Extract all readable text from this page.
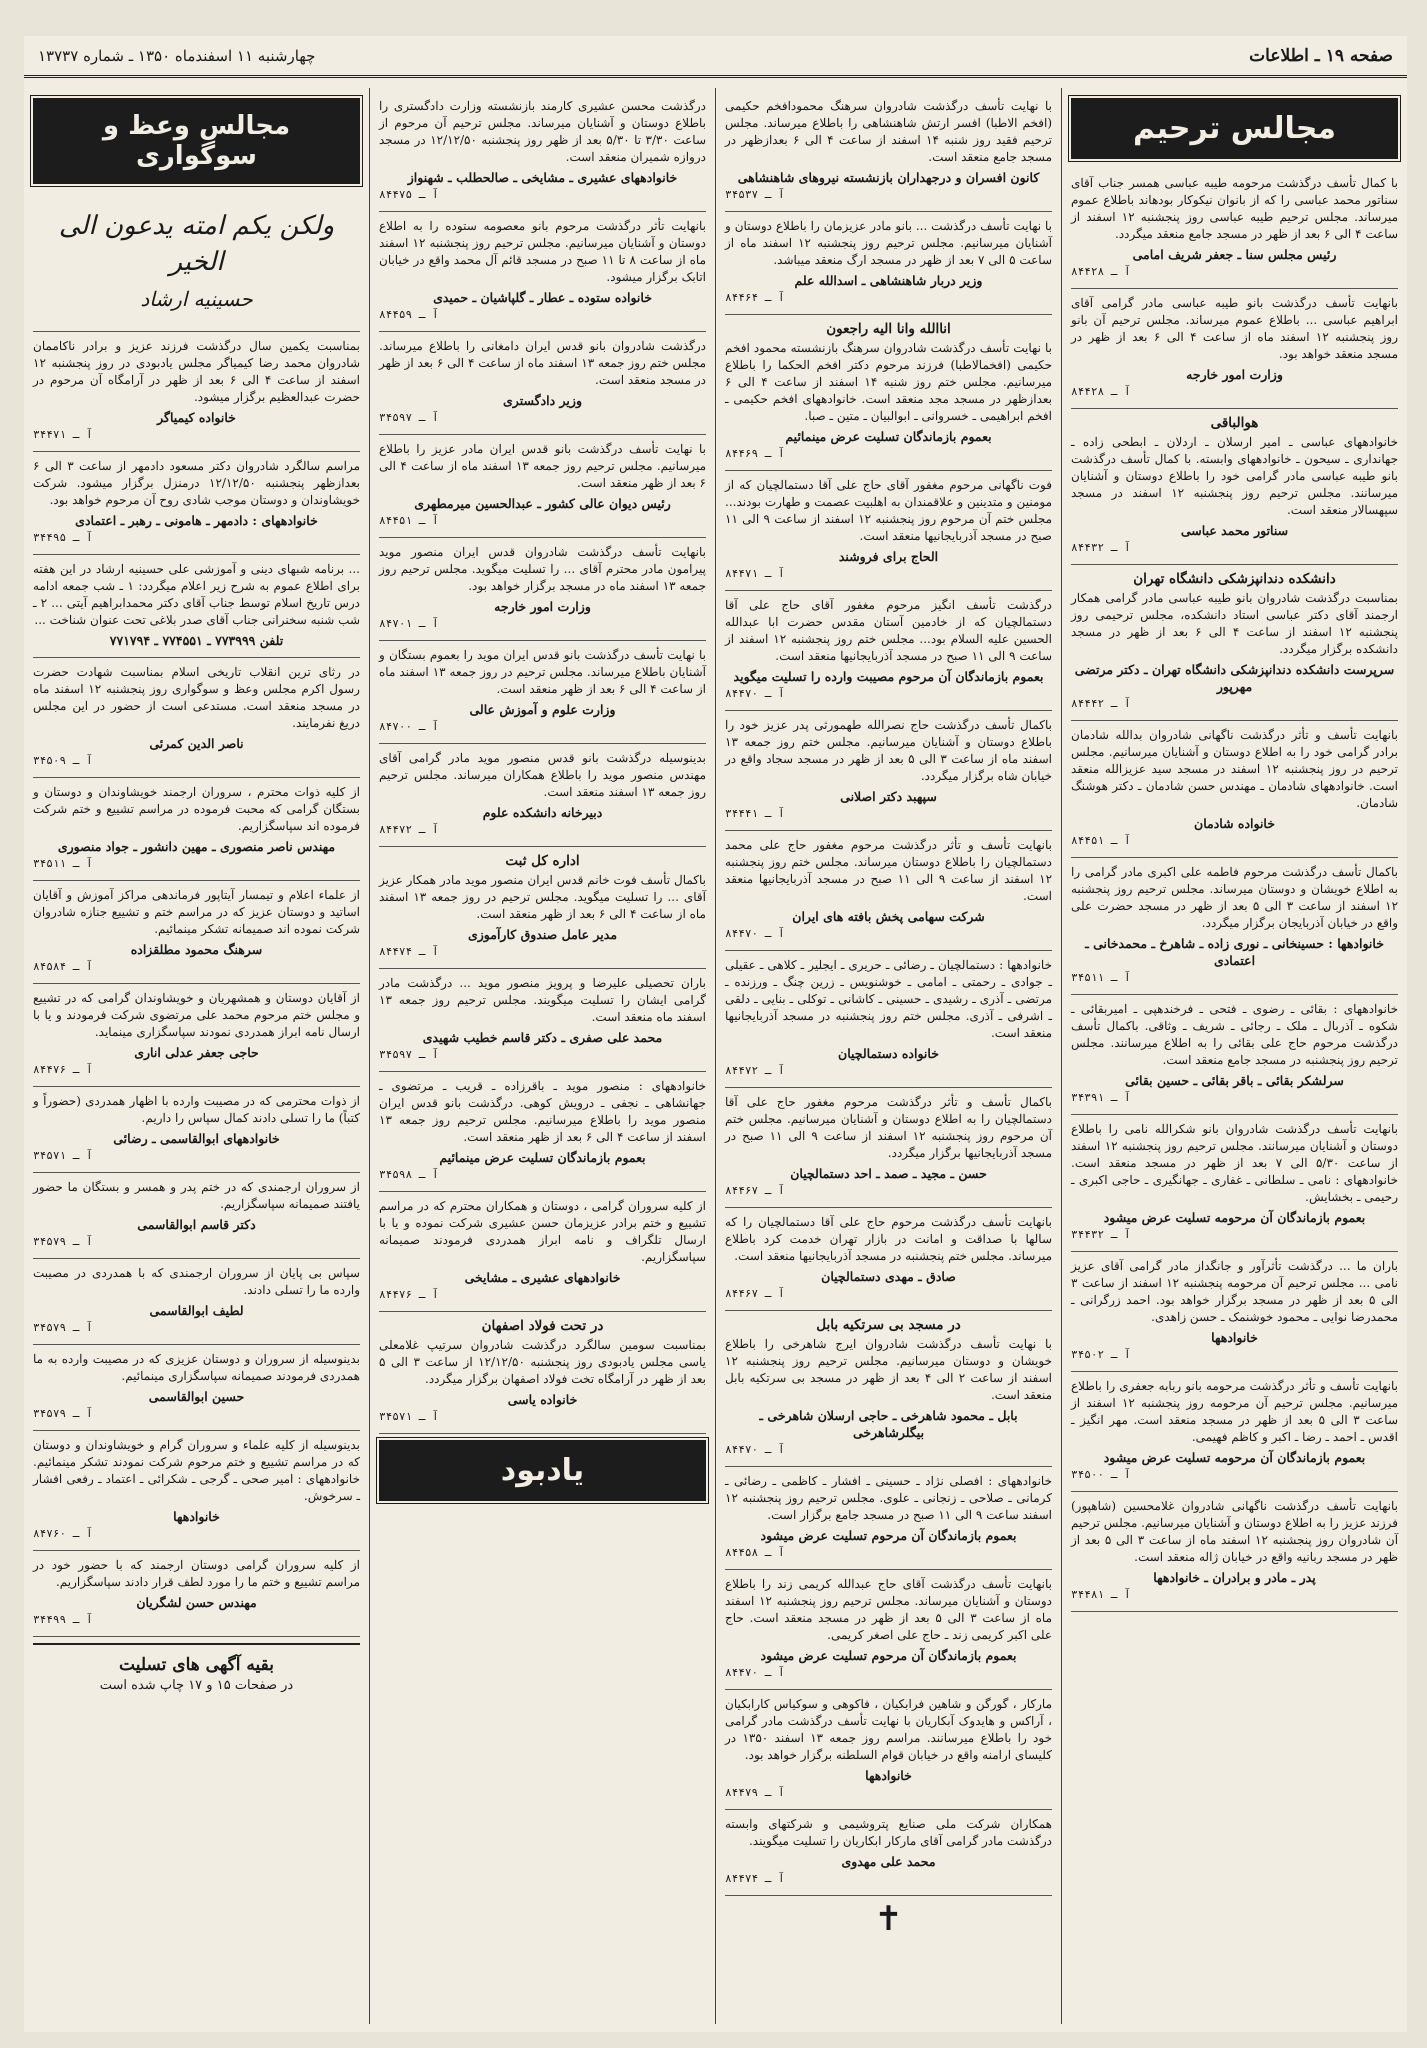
صفحه ۱۹ ـ اطلاعات
چهارشنبه ۱۱ اسفندماه ۱۳۵۰ ـ شماره ۱۳۷۳۷
مجالس ترحیم
با کمال تأسف درگذشت مرحومه طیبه عباسی همسر جناب آقای سناتور محمد عباسی را که از بانوان نیکوکار بودهاند باطلاع عموم میرساند. مجلس ترحیم طیبه عباسی روز پنجشنبه ۱۲ اسفند از ساعت ۴ الی ۶ بعد از ظهر در مسجد جامع منعقد میگردد.
رئیس مجلس سنا ـ جعفر شریف امامی
آ ـ ۸۴۴۲۸
بانهایت تأسف درگذشت بانو طیبه عباسی مادر گرامی آقای ابراهیم عباسی ... باطلاع عموم میرساند. مجلس ترحیم آن بانو روز پنجشنبه ۱۲ اسفند ماه از ساعت ۴ الی ۶ بعد از ظهر در مسجد منعقد خواهد بود.
وزارت امور خارجه
آ ـ ۸۴۴۲۸
هوالباقی
خانوادههای عباسی ـ امیر ارسلان ـ اردلان ـ ابطحی زاده ـ جهانداری ـ سیحون ـ خانوادههای وابسته. با کمال تأسف درگذشت بانو طیبه عباسی مادر گرامی خود را باطلاع دوستان و آشنایان میرسانند. مجلس ترحیم روز پنجشنبه ۱۲ اسفند در مسجد سپهسالار منعقد است.
سناتور محمد عباسی
آ ـ ۸۴۴۳۲
دانشکده دندانپزشکی دانشگاه تهران
بمناسبت درگذشت شادروان بانو طیبه عباسی مادر گرامی همکار ارجمند آقای دکتر عباسی استاد دانشکده، مجلس ترحیمی روز پنجشنبه ۱۲ اسفند از ساعت ۴ الی ۶ بعد از ظهر در مسجد دانشکده برگزار میگردد.
سرپرست دانشکده دندانپزشکی دانشگاه تهران ـ دکتر مرتضی مهرپور
آ ـ ۸۴۴۴۲
بانهایت تأسف و تأثر درگذشت ناگهانی شادروان بدالله شادمان برادر گرامی خود را به اطلاع دوستان و آشنایان میرسانیم. مجلس ترحیم در روز پنجشنبه ۱۲ اسفند در مسجد سید عزیزالله منعقد است. خانوادههای شادمان ـ مهندس حسن شادمان ـ دکتر هوشنگ شادمان.
خانواده شادمان
آ ـ ۸۴۴۵۱
باکمال تأسف درگذشت مرحوم فاطمه علی اکبری مادر گرامی را به اطلاع خویشان و دوستان میرساند. مجلس ترحیم روز پنجشنبه ۱۲ اسفند از ساعت ۳ الی ۵ بعد از ظهر در مسجد حضرت علی واقع در خیابان آذربایجان برگزار میگردد.
خانوادهها : حسینخانی ـ نوری زاده ـ شاهرخ ـ محمدخانی ـ اعتمادی
آ ـ ۳۴۵۱۱
خانوادههای : بقائی ـ رضوی ـ فتحی ـ فرخندهپی ـ امیربقائی ـ شکوه ـ آذربال ـ ملک ـ رجائی ـ شریف ـ وثاقی. باکمال تأسف درگذشت مرحوم حاج علی بقائی را به اطلاع میرسانند. مجلس ترحیم روز پنجشنبه در مسجد جامع منعقد است.
سرلشکر بقائی ـ باقر بقائی ـ حسین بقائی
آ ـ ۳۴۳۹۱
بانهایت تأسف درگذشت شادروان بانو شکرالله نامی را باطلاع دوستان و آشنایان میرسانند. مجلس ترحیم روز پنجشنبه ۱۲ اسفند از ساعت ۵/۳۰ الی ۷ بعد از ظهر در مسجد منعقد است. خانوادههای : نامی ـ سلطانی ـ غفاری ـ جهانگیری ـ حاجی اکبری ـ رحیمی ـ بخشایش.
بعموم بازماندگان آن مرحومه تسلیت عرض میشود
آ ـ ۳۴۴۳۲
باران ما ... درگذشت تأثرآور و جانگداز مادر گرامی آقای عزیز نامی ... مجلس ترحیم آن مرحومه پنجشنبه ۱۲ اسفند از ساعت ۳ الی ۵ بعد از ظهر در مسجد برگزار خواهد بود. احمد زرگرانی ـ محمدرضا نوایی ـ محمود خوشنمک ـ حسن زاهدی.
خانوادهها
آ ـ ۳۴۵۰۲
بانهایت تأسف و تأثر درگذشت مرحومه بانو ربابه جعفری را باطلاع میرسانیم. مجلس ترحیم آن مرحومه روز پنجشنبه ۱۲ اسفند از ساعت ۳ الی ۵ بعد از ظهر در مسجد منعقد است. مهر انگیز ـ اقدس ـ احمد ـ رضا ـ اکبر و کاظم فهیمی.
بعموم بازماندگان آن مرحومه تسلیت عرض میشود
آ ـ ۳۴۵۰۰
بانهایت تأسف درگذشت ناگهانی شادروان غلامحسین (شاهپور) فرزند عزیز را به اطلاع دوستان و آشنایان میرسانیم. مجلس ترحیم آن شادروان روز پنجشنبه ۱۲ اسفند ماه از ساعت ۳ الی ۵ بعد از ظهر در مسجد ربانیه واقع در خیابان ژاله منعقد است.
پدر ـ مادر و برادران ـ خانوادهها
آ ـ ۳۴۴۸۱
با نهایت تأسف درگذشت شادروان سرهنگ محمودافخم حکیمی (افخم الاطبا) افسر ارتش شاهنشاهی را باطلاع میرساند. مجلس ترحیم فقید روز شنبه ۱۴ اسفند از ساعت ۴ الی ۶ بعدازظهر در مسجد جامع منعقد است.
کانون افسران و درجهداران بازنشسته نیروهای شاهنشاهی
آ ـ ۳۴۵۳۷
با نهایت تأسف درگذشت ... بانو مادر عزیزمان را باطلاع دوستان و آشنایان میرسانیم. مجلس ترحیم روز پنجشنبه ۱۲ اسفند ماه از ساعت ۵ الی ۷ بعد از ظهر در مسجد ارگ منعقد میباشد.
وزیر دربار شاهنشاهی ـ اسدالله علم
آ ـ ۸۴۴۶۴
اناالله وانا الیه راجعون
با نهایت تأسف درگذشت شادروان سرهنگ بازنشسته محمود افخم حکیمی (افخمالاطبا) فرزند مرحوم دکتر افخم الحکما را باطلاع میرسانیم. مجلس ختم روز شنبه ۱۴ اسفند از ساعت ۴ الی ۶ بعدازظهر در مسجد مجد منعقد است. خانوادههای افخم حکیمی ـ افخم ابراهیمی ـ خسروانی ـ ابوالبیان ـ متین ـ صبا.
بعموم بازماندگان تسلیت عرض مینمائیم
آ ـ ۸۴۴۶۹
فوت ناگهانی مرحوم مغفور آقای حاج علی آقا دستمالچیان که از مومنین و متدینین و علاقمندان به اهلبیت عصمت و طهارت بودند... مجلس ختم آن مرحوم روز پنجشنبه ۱۲ اسفند از ساعت ۹ الی ۱۱ صبح در مسجد آذربایجانیها منعقد است.
الحاج برای فروشند
آ ـ ۸۴۴۷۱
درگذشت تأسف انگیز مرحوم مغفور آقای حاج علی آقا دستمالچیان که از خادمین آستان مقدس حضرت ابا عبدالله الحسین علیه السلام بود... مجلس ختم روز پنجشنبه ۱۲ اسفند از ساعت ۹ الی ۱۱ صبح در مسجد آذربایجانیها منعقد است.
بعموم بازماندگان آن مرحوم مصیبت وارده را تسلیت میگوید
آ ـ ۸۴۴۷۰
باکمال تأسف درگذشت حاج نصرالله طهمورثی پدر عزیز خود را باطلاع دوستان و آشنایان میرسانیم. مجلس ختم روز جمعه ۱۳ اسفند ماه از ساعت ۳ الی ۵ بعد از ظهر در مسجد سجاد واقع در خیابان شاه برگزار میگردد.
سپهبد دکتر اصلانی
آ ـ ۳۴۴۴۱
بانهایت تأسف و تأثر درگذشت مرحوم مغفور حاج علی محمد دستمالچیان را باطلاع دوستان میرساند. مجلس ختم روز پنجشنبه ۱۲ اسفند از ساعت ۹ الی ۱۱ صبح در مسجد آذربایجانیها منعقد است.
شرکت سهامی پخش بافته های ایران
آ ـ ۸۴۴۷۰
خانوادهها : دستمالچیان ـ رضائی ـ حریری ـ ایجلیر ـ کلاهی ـ عقیلی ـ جوادی ـ رحمتی ـ امامی ـ خوشنویس ـ زرین چنگ ـ ورزنده ـ مرتضی ـ آذری ـ رشیدی ـ حسینی ـ کاشانی ـ توکلی ـ بنایی ـ دلقی ـ اشرفی ـ آذری. مجلس ختم روز پنجشنبه در مسجد آذربایجانیها منعقد است.
خانواده دستمالچیان
آ ـ ۸۴۴۷۲
باکمال تأسف و تأثر درگذشت مرحوم مغفور حاج علی آقا دستمالچیان را به اطلاع دوستان و آشنایان میرسانیم. مجلس ختم آن مرحوم روز پنجشنبه ۱۲ اسفند از ساعت ۹ الی ۱۱ صبح در مسجد آذربایجانیها برگزار میگردد.
حسن ـ مجید ـ صمد ـ احد دستمالچیان
آ ـ ۸۴۴۶۷
بانهایت تأسف درگذشت مرحوم حاج علی آقا دستمالچیان را که سالها با صداقت و امانت در بازار تهران خدمت کرد باطلاع میرساند. مجلس ختم پنجشنبه در مسجد آذربایجانیها منعقد است.
صادق ـ مهدی دستمالچیان
آ ـ ۸۴۴۶۷
در مسجد بی سرتکیه بابل
با نهایت تأسف درگذشت شادروان ایرج شاهرخی را باطلاع خویشان و دوستان میرسانیم. مجلس ترحیم روز پنجشنبه ۱۲ اسفند از ساعت ۲ الی ۴ بعد از ظهر در مسجد بی سرتکیه بابل منعقد است.
بابل ـ محمود شاهرخی ـ حاجی ارسلان شاهرخی ـ بیگلرشاهرخی
آ ـ ۸۴۴۷۰
خانوادههای : افصلی نژاد ـ حسینی ـ افشار ـ کاظمی ـ رضائی ـ کرمانی ـ صلاحی ـ زنجانی ـ علوی. مجلس ترحیم روز پنجشنبه ۱۲ اسفند ساعت ۹ الی ۱۱ صبح در مسجد جامع برگزار است.
بعموم بازماندگان آن مرحوم تسلیت عرض میشود
آ ـ ۸۴۴۵۸
بانهایت تأسف درگذشت آقای حاج عبدالله کریمی زند را باطلاع دوستان و آشنایان میرساند. مجلس ترحیم روز پنجشنبه ۱۲ اسفند ماه از ساعت ۳ الی ۵ بعد از ظهر در مسجد منعقد است. حاج علی اکبر کریمی زند ـ حاج علی اصغر کریمی.
بعموم بازماندگان آن مرحوم تسلیت عرض میشود
آ ـ ۸۴۴۷۰
مارکار ، گورگن و شاهین فرابکیان ، فاکوهی و سوکیاس کارابکیان ، آراکس و هایدوک آبکاریان با نهایت تأسف درگذشت مادر گرامی خود را باطلاع میرسانند. مراسم روز جمعه ۱۳ اسفند ۱۳۵۰ در کلیسای ارامنه واقع در خیابان قوام السلطنه برگزار خواهد بود.
خانوادهها
آ ـ ۸۴۴۷۹
همکاران شرکت ملی صنایع پتروشیمی و شرکتهای وابسته درگذشت مادر گرامی آقای مارکار ابکاریان را تسلیت میگویند.
محمد علی مهدوی
آ ـ ۸۴۴۷۴
✝
درگذشت محسن عشیری کارمند بازنشسته وزارت دادگستری را باطلاع دوستان و آشنایان میرساند. مجلس ترحیم آن مرحوم از ساعت ۳/۳۰ تا ۵/۳۰ بعد از ظهر روز پنجشنبه ۱۲/۱۲/۵۰ در مسجد دروازه شمیران منعقد است.
خانوادههای عشیری ـ مشایخی ـ صالحطلب ـ شهنواز
آ ـ ۸۴۴۷۵
بانهایت تأثر درگذشت مرحوم بانو معصومه ستوده را به اطلاع دوستان و آشنایان میرسانیم. مجلس ترحیم روز پنجشنبه ۱۲ اسفند ماه از ساعت ۸ تا ۱۱ صبح در مسجد قائم آل محمد واقع در خیابان اتابک برگزار میشود.
خانواده ستوده ـ عطار ـ گلپاشیان ـ حمیدی
آ ـ ۸۴۴۵۹
درگذشت شادروان بانو قدس ایران دامغانی را باطلاع میرساند. مجلس ختم روز جمعه ۱۳ اسفند ماه از ساعت ۴ الی ۶ بعد از ظهر در مسجد منعقد است.
وزیر دادگستری
آ ـ ۳۴۵۹۷
با نهایت تأسف درگذشت بانو قدس ایران مادر عزیز را باطلاع میرسانیم. مجلس ترحیم روز جمعه ۱۳ اسفند ماه از ساعت ۴ الی ۶ بعد از ظهر منعقد است.
رئیس دیوان عالی کشور ـ عبدالحسین میرمطهری
آ ـ ۸۴۴۵۱
بانهایت تأسف درگذشت شادروان قدس ایران منصور موید پیرامون مادر محترم آقای ... را تسلیت میگوید. مجلس ترحیم روز جمعه ۱۳ اسفند ماه در مسجد برگزار خواهد بود.
وزارت امور خارجه
آ ـ ۸۴۷۰۱
با نهایت تأسف درگذشت بانو قدس ایران موید را بعموم بستگان و آشنایان باطلاع میرساند. مجلس ترحیم در روز جمعه ۱۳ اسفند ماه از ساعت ۴ الی ۶ بعد از ظهر منعقد است.
وزارت علوم و آموزش عالی
آ ـ ۸۴۷۰۰
بدینوسیله درگذشت بانو قدس منصور موید مادر گرامی آقای مهندس منصور موید را باطلاع همکاران میرساند. مجلس ترحیم روز جمعه ۱۳ اسفند منعقد است.
دبیرخانه دانشکده علوم
آ ـ ۸۴۴۷۲
اداره کل ثبت
باکمال تأسف فوت خانم قدس ایران منصور موید مادر همکار عزیز آقای ... را تسلیت میگوید. مجلس ترحیم در روز جمعه ۱۳ اسفند ماه از ساعت ۴ الی ۶ بعد از ظهر منعقد است.
مدیر عامل صندوق کارآموزی
آ ـ ۸۴۴۷۴
باران تحصیلی علیرضا و پرویز منصور موید ... درگذشت مادر گرامی ایشان را تسلیت میگویند. مجلس ترحیم روز جمعه ۱۳ اسفند ماه منعقد است.
محمد علی صفری ـ دکتر قاسم خطیب شهیدی
آ ـ ۳۴۵۹۷
خانوادههای : منصور موید ـ باقرزاده ـ قریب ـ مرتضوی ـ جهانشاهی ـ نجفی ـ درویش کوهی. درگذشت بانو قدس ایران منصور موید را باطلاع میرسانیم. مجلس ترحیم روز جمعه ۱۳ اسفند از ساعت ۴ الی ۶ بعد از ظهر منعقد است.
بعموم بازماندگان تسلیت عرض مینمائیم
آ ـ ۳۴۵۹۸
از کلیه سروران گرامی ، دوستان و همکاران محترم که در مراسم تشییع و ختم برادر عزیزمان حسن عشیری شرکت نموده و یا با ارسال تلگراف و نامه ابراز همدردی فرمودند صمیمانه سپاسگزاریم.
خانوادههای عشیری ـ مشایخی
آ ـ ۸۴۴۷۶
در تحت فولاد اصفهان
بمناسبت سومین سالگرد درگذشت شادروان سرتیپ غلامعلی یاسی مجلس یادبودی روز پنجشنبه ۱۲/۱۲/۵۰ از ساعت ۳ الی ۵ بعد از ظهر در آرامگاه تخت فولاد اصفهان برگزار میگردد.
خانواده یاسی
آ ـ ۳۴۵۷۱
یادبود
مجالس وعظ و سوگواری
ولکن یکم امته یدعون الی الخیر
حسینیه ارشاد
بمناسبت یکمین سال درگذشت فرزند عزیز و برادر ناکاممان شادروان محمد رضا کیمیاگر مجلس یادبودی در روز پنجشنبه ۱۲ اسفند از ساعت ۴ الی ۶ بعد از ظهر در آرامگاه آن مرحوم در حضرت عبدالعظیم برگزار میشود.
خانواده کیمیاگر
آ ـ ۳۴۴۷۱
مراسم سالگرد شادروان دکتر مسعود دادمهر از ساعت ۳ الی ۶ بعدازظهر پنجشنبه ۱۲/۱۲/۵۰ درمنزل برگزار میشود. شرکت خویشاوندان و دوستان موجب شادی روح آن مرحوم خواهد بود.
خانوادههای : دادمهر ـ هامونی ـ رهبر ـ اعتمادی
آ ـ ۳۴۴۹۵
... برنامه شبهای دینی و آموزشی علی حسینیه ارشاد در این هفته برای اطلاع عموم به شرح زیر اعلام میگردد: ۱ ـ شب جمعه ادامه درس تاریخ اسلام توسط جناب آقای دکتر محمدابراهیم آیتی ... ۲ ـ شب شنبه سخنرانی جناب آقای صدر بلاغی تحت عنوان شناخت ...
تلفن ۷۷۳۹۹۹ ـ ۷۷۴۵۵۱ ـ ۷۷۱۷۹۴
در رثای ترین انقلاب تاریخی اسلام بمناسبت شهادت حضرت رسول اکرم مجلس وعظ و سوگواری روز پنجشنبه ۱۲ اسفند ماه در مسجد منعقد است. مستدعی است از حضور در این مجلس دریغ نفرمایند.
ناصر الدین کمرئی
آ ـ ۳۴۵۰۹
از کلیه ذوات محترم ، سروران ارجمند خویشاوندان و دوستان و بستگان گرامی که محبت فرموده در مراسم تشییع و ختم شرکت فرموده اند سپاسگزاریم.
مهندس ناصر منصوری ـ مهین دانشور ـ جواد منصوری
آ ـ ۳۴۵۱۱
از علماء اعلام و تیمسار آیتاپور فرماندهی مراکز آموزش و آقایان اساتید و دوستان عزیز که در مراسم ختم و تشییع جنازه شادروان شرکت نموده اند صمیمانه تشکر مینمائیم.
سرهنگ محمود مطلقزاده
آ ـ ۸۴۵۸۴
از آقایان دوستان و همشهریان و خویشاوندان گرامی که در تشییع و مجلس ختم مرحوم محمد علی مرتضوی شرکت فرمودند و یا با ارسال نامه ابراز همدردی نمودند سپاسگزاری مینماید.
حاجی جعفر عدلی اناری
آ ـ ۸۴۴۷۶
از ذوات محترمی که در مصیبت وارده با اظهار همدردی (حضوراً و کتباً) ما را تسلی دادند کمال سپاس را داریم.
خانوادههای ابوالقاسمی ـ رضائی
آ ـ ۳۴۵۷۱
از سروران ارجمندی که در ختم پدر و همسر و بستگان ما حضور یافتند صمیمانه سپاسگزاریم.
دکتر قاسم ابوالقاسمی
آ ـ ۳۴۵۷۹
سپاس بی پایان از سروران ارجمندی که با همدردی در مصیبت وارده ما را تسلی دادند.
لطیف ابوالقاسمی
آ ـ ۳۴۵۷۹
بدینوسیله از سروران و دوستان عزیزی که در مصیبت وارده به ما همدردی فرمودند صمیمانه سپاسگزاری مینمائیم.
حسین ابوالقاسمی
آ ـ ۳۴۵۷۹
بدینوسیله از کلیه علماء و سروران گرام و خویشاوندان و دوستان که در مراسم تشییع و ختم مرحوم شرکت نمودند تشکر مینمائیم. خانوادههای : امیر صحی ـ گرجی ـ شکرائی ـ اعتماد ـ رفعی افشار ـ سرخوش.
خانوادهها
آ ـ ۸۴۷۶۰
از کلیه سروران گرامی دوستان ارجمند که با حضور خود در مراسم تشییع و ختم ما را مورد لطف قرار دادند سپاسگزاریم.
مهندس حسن لشگریان
آ ـ ۳۴۴۹۹
بقیه آگهی های تسلیت
در صفحات ۱۵ و ۱۷ چاپ شده است
